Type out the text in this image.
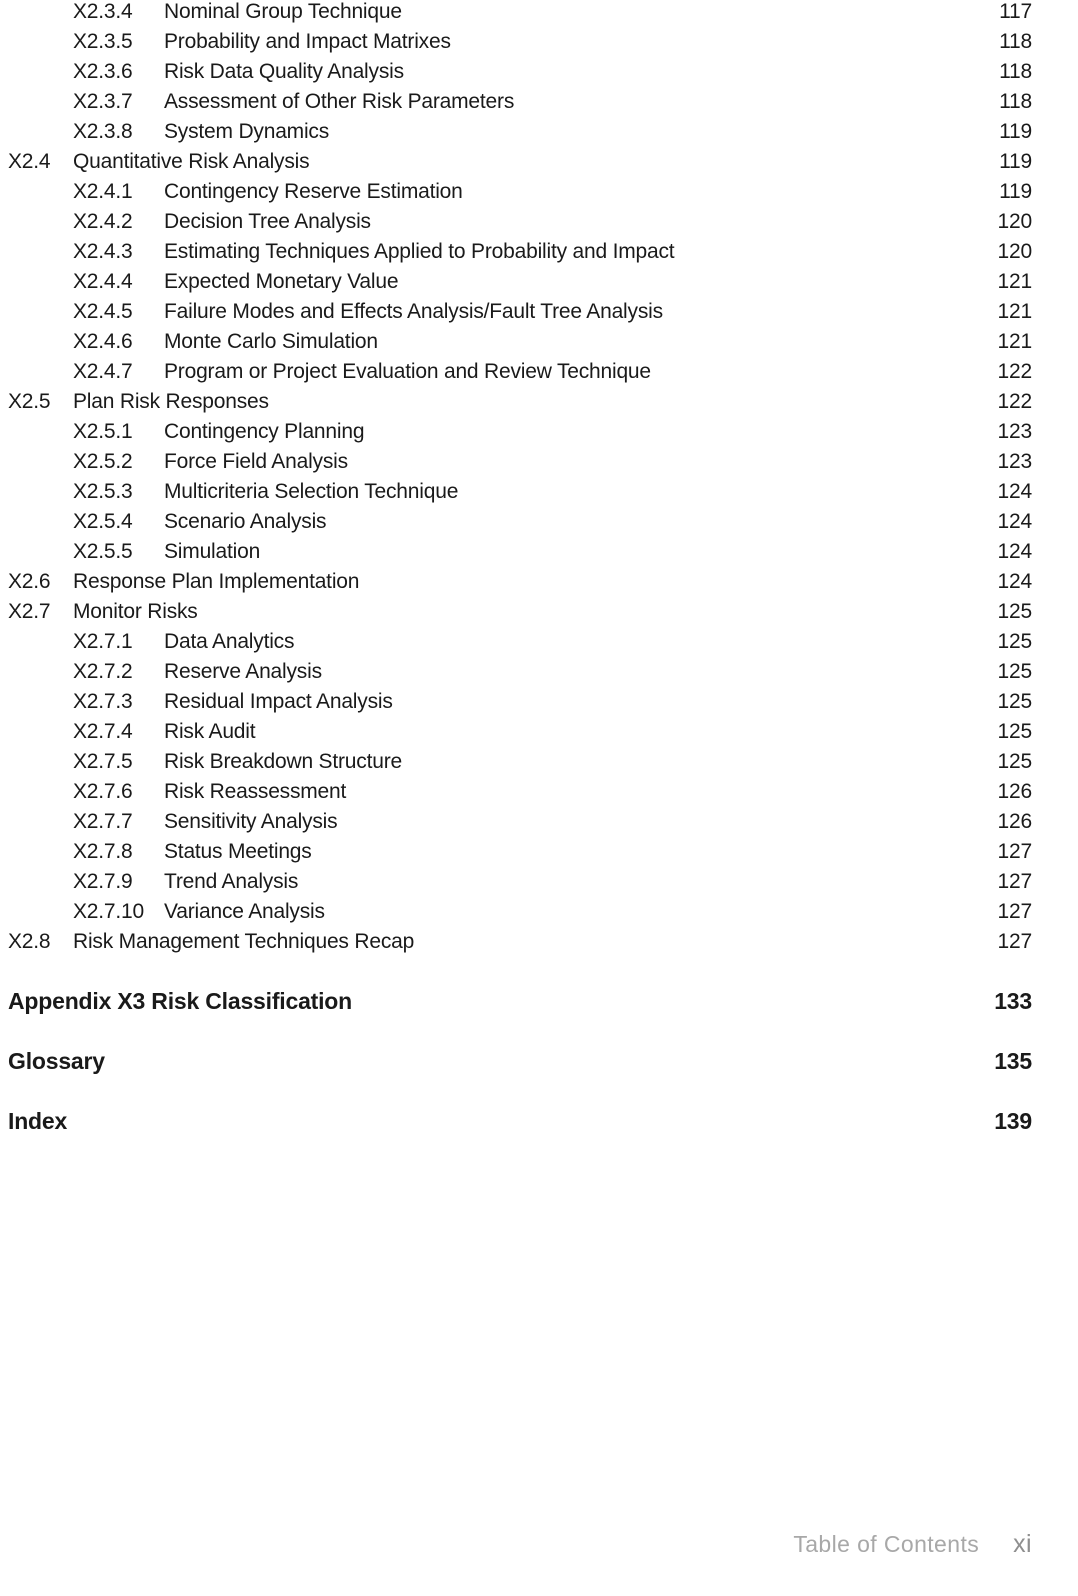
X2.3.4	Nominal Group Technique .....	117
X2.3.5	Probability and Impact Matrixes .....	118
X2.3.6	Risk Data Quality Analysis .....	118
X2.3.7	Assessment of Other Risk Parameters .....	118
X2.3.8	System Dynamics .....	119
X2.4	Quantitative Risk Analysis .....	119
X2.4.1	Contingency Reserve Estimation .....	119
X2.4.2	Decision Tree Analysis .....	120
X2.4.3	Estimating Techniques Applied to Probability and Impact .....	120
X2.4.4	Expected Monetary Value .....	121
X2.4.5	Failure Modes and Effects Analysis/Fault Tree Analysis .....	121
X2.4.6	Monte Carlo Simulation .....	121
X2.4.7	Program or Project Evaluation and Review Technique .....	122
X2.5	Plan Risk Responses .....	122
X2.5.1	Contingency Planning .....	123
X2.5.2	Force Field Analysis .....	123
X2.5.3	Multicriteria Selection Technique .....	124
X2.5.4	Scenario Analysis .....	124
X2.5.5	Simulation .....	124
X2.6	Response Plan Implementation .....	124
X2.7	Monitor Risks .....	125
X2.7.1	Data Analytics .....	125
X2.7.2	Reserve Analysis .....	125
X2.7.3	Residual Impact Analysis .....	125
X2.7.4	Risk Audit .....	125
X2.7.5	Risk Breakdown Structure .....	125
X2.7.6	Risk Reassessment .....	126
X2.7.7	Sensitivity Analysis .....	126
X2.7.8	Status Meetings .....	127
X2.7.9	Trend Analysis .....	127
X2.7.10 Variance Analysis .....	127
X2.8	Risk Management Techniques Recap .....	127
Appendix X3 Risk Classification .....	133
Glossary .....	135
Index .....	139
Table of Contents xi
